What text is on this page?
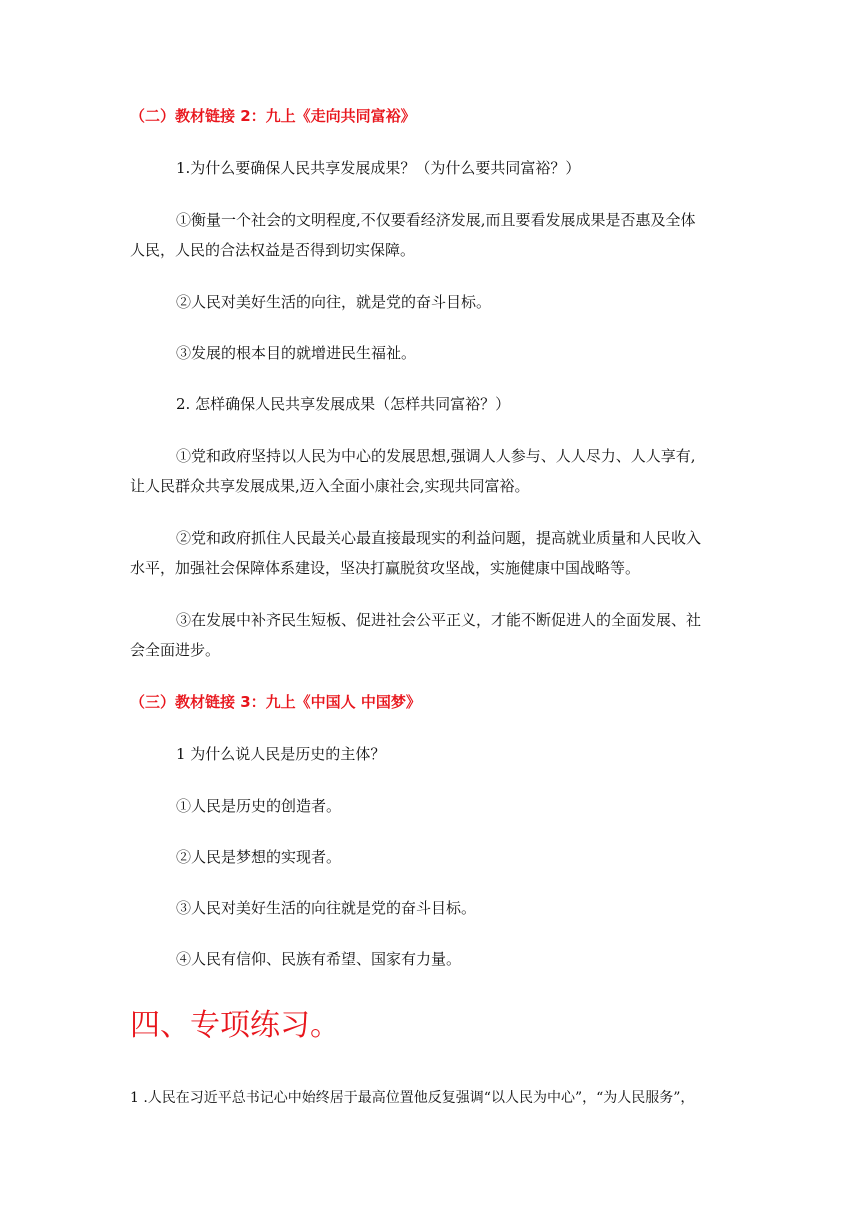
（二）教材链接 2：九上《走向共同富裕》

1.为什么要确保人民共享发展成果？（为什么要共同富裕？）

①衡量一个社会的文明程度,不仅要看经济发展,而且要看发展成果是否惠及全体

人民，人民的合法权益是否得到切实保障。

②人民对美好生活的向往，就是党的奋斗目标。

③发展的根本目的就增进民生福祉。

2. 怎样确保人民共享发展成果（怎样共同富裕？）

①党和政府坚持以人民为中心的发展思想,强调人人参与、人人尽力、人人享有,

让人民群众共享发展成果,迈入全面小康社会,实现共同富裕。

②党和政府抓住人民最关心最直接最现实的利益问题，提高就业质量和人民收入

水平，加强社会保障体系建设，坚决打赢脱贫攻坚战，实施健康中国战略等。

③在发展中补齐民生短板、促进社会公平正义，才能不断促进人的全面发展、社

会全面进步。

（三）教材链接 3：九上《中国人 中国梦》

1 为什么说人民是历史的主体？

①人民是历史的创造者。

②人民是梦想的实现者。

③人民对美好生活的向往就是党的奋斗目标。

④人民有信仰、民族有希望、国家有力量。

四、专项练习。

1 .人民在习近平总书记心中始终居于最高位置他反复强调“以人民为中心”，“为人民服务”，
